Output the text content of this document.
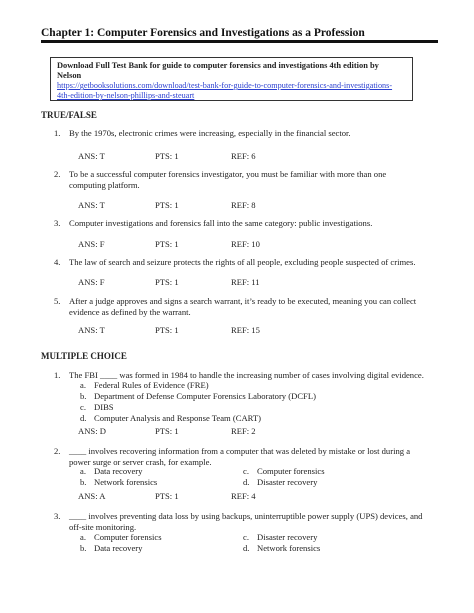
Chapter 1: Computer Forensics and Investigations as a Profession
Download Full Test Bank for guide to computer forensics and investigations 4th edition by
Nelson
https://getbooksolutions.com/download/test-bank-for-guide-to-computer-forensics-and-investigations-
4th-edition-by-nelson-phillips-and-steuart
TRUE/FALSE
1. By the 1970s, electronic crimes were increasing, especially in the financial sector.
ANS: T	PTS: 1	REF: 6
2. To be a successful computer forensics investigator, you must be familiar with more than one
computing platform.
ANS: T	PTS: 1	REF: 8
3. Computer investigations and forensics fall into the same category: public investigations.
ANS: F	PTS: 1	REF: 10
4. The law of search and seizure protects the rights of all people, excluding people suspected of crimes.
ANS: F	PTS: 1	REF: 11
5. After a judge approves and signs a search warrant, it’s ready to be executed, meaning you can collect
evidence as defined by the warrant.
ANS: T	PTS: 1	REF: 15
MULTIPLE CHOICE
1. The FBI ____ was formed in 1984 to handle the increasing number of cases involving digital evidence.
a. Federal Rules of Evidence (FRE)
b. Department of Defense Computer Forensics Laboratory (DCFL)
c. DIBS
d. Computer Analysis and Response Team (CART)
ANS: D	PTS: 1	REF: 2
2. ____ involves recovering information from a computer that was deleted by mistake or lost during a
power surge or server crash, for example.
a. Data recovery	c. Computer forensics
b. Network forensics	d. Disaster recovery
ANS: A	PTS: 1	REF: 4
3. ____ involves preventing data loss by using backups, uninterruptible power supply (UPS) devices, and
off-site monitoring.
a. Computer forensics	c. Disaster recovery
b. Data recovery	d. Network forensics
